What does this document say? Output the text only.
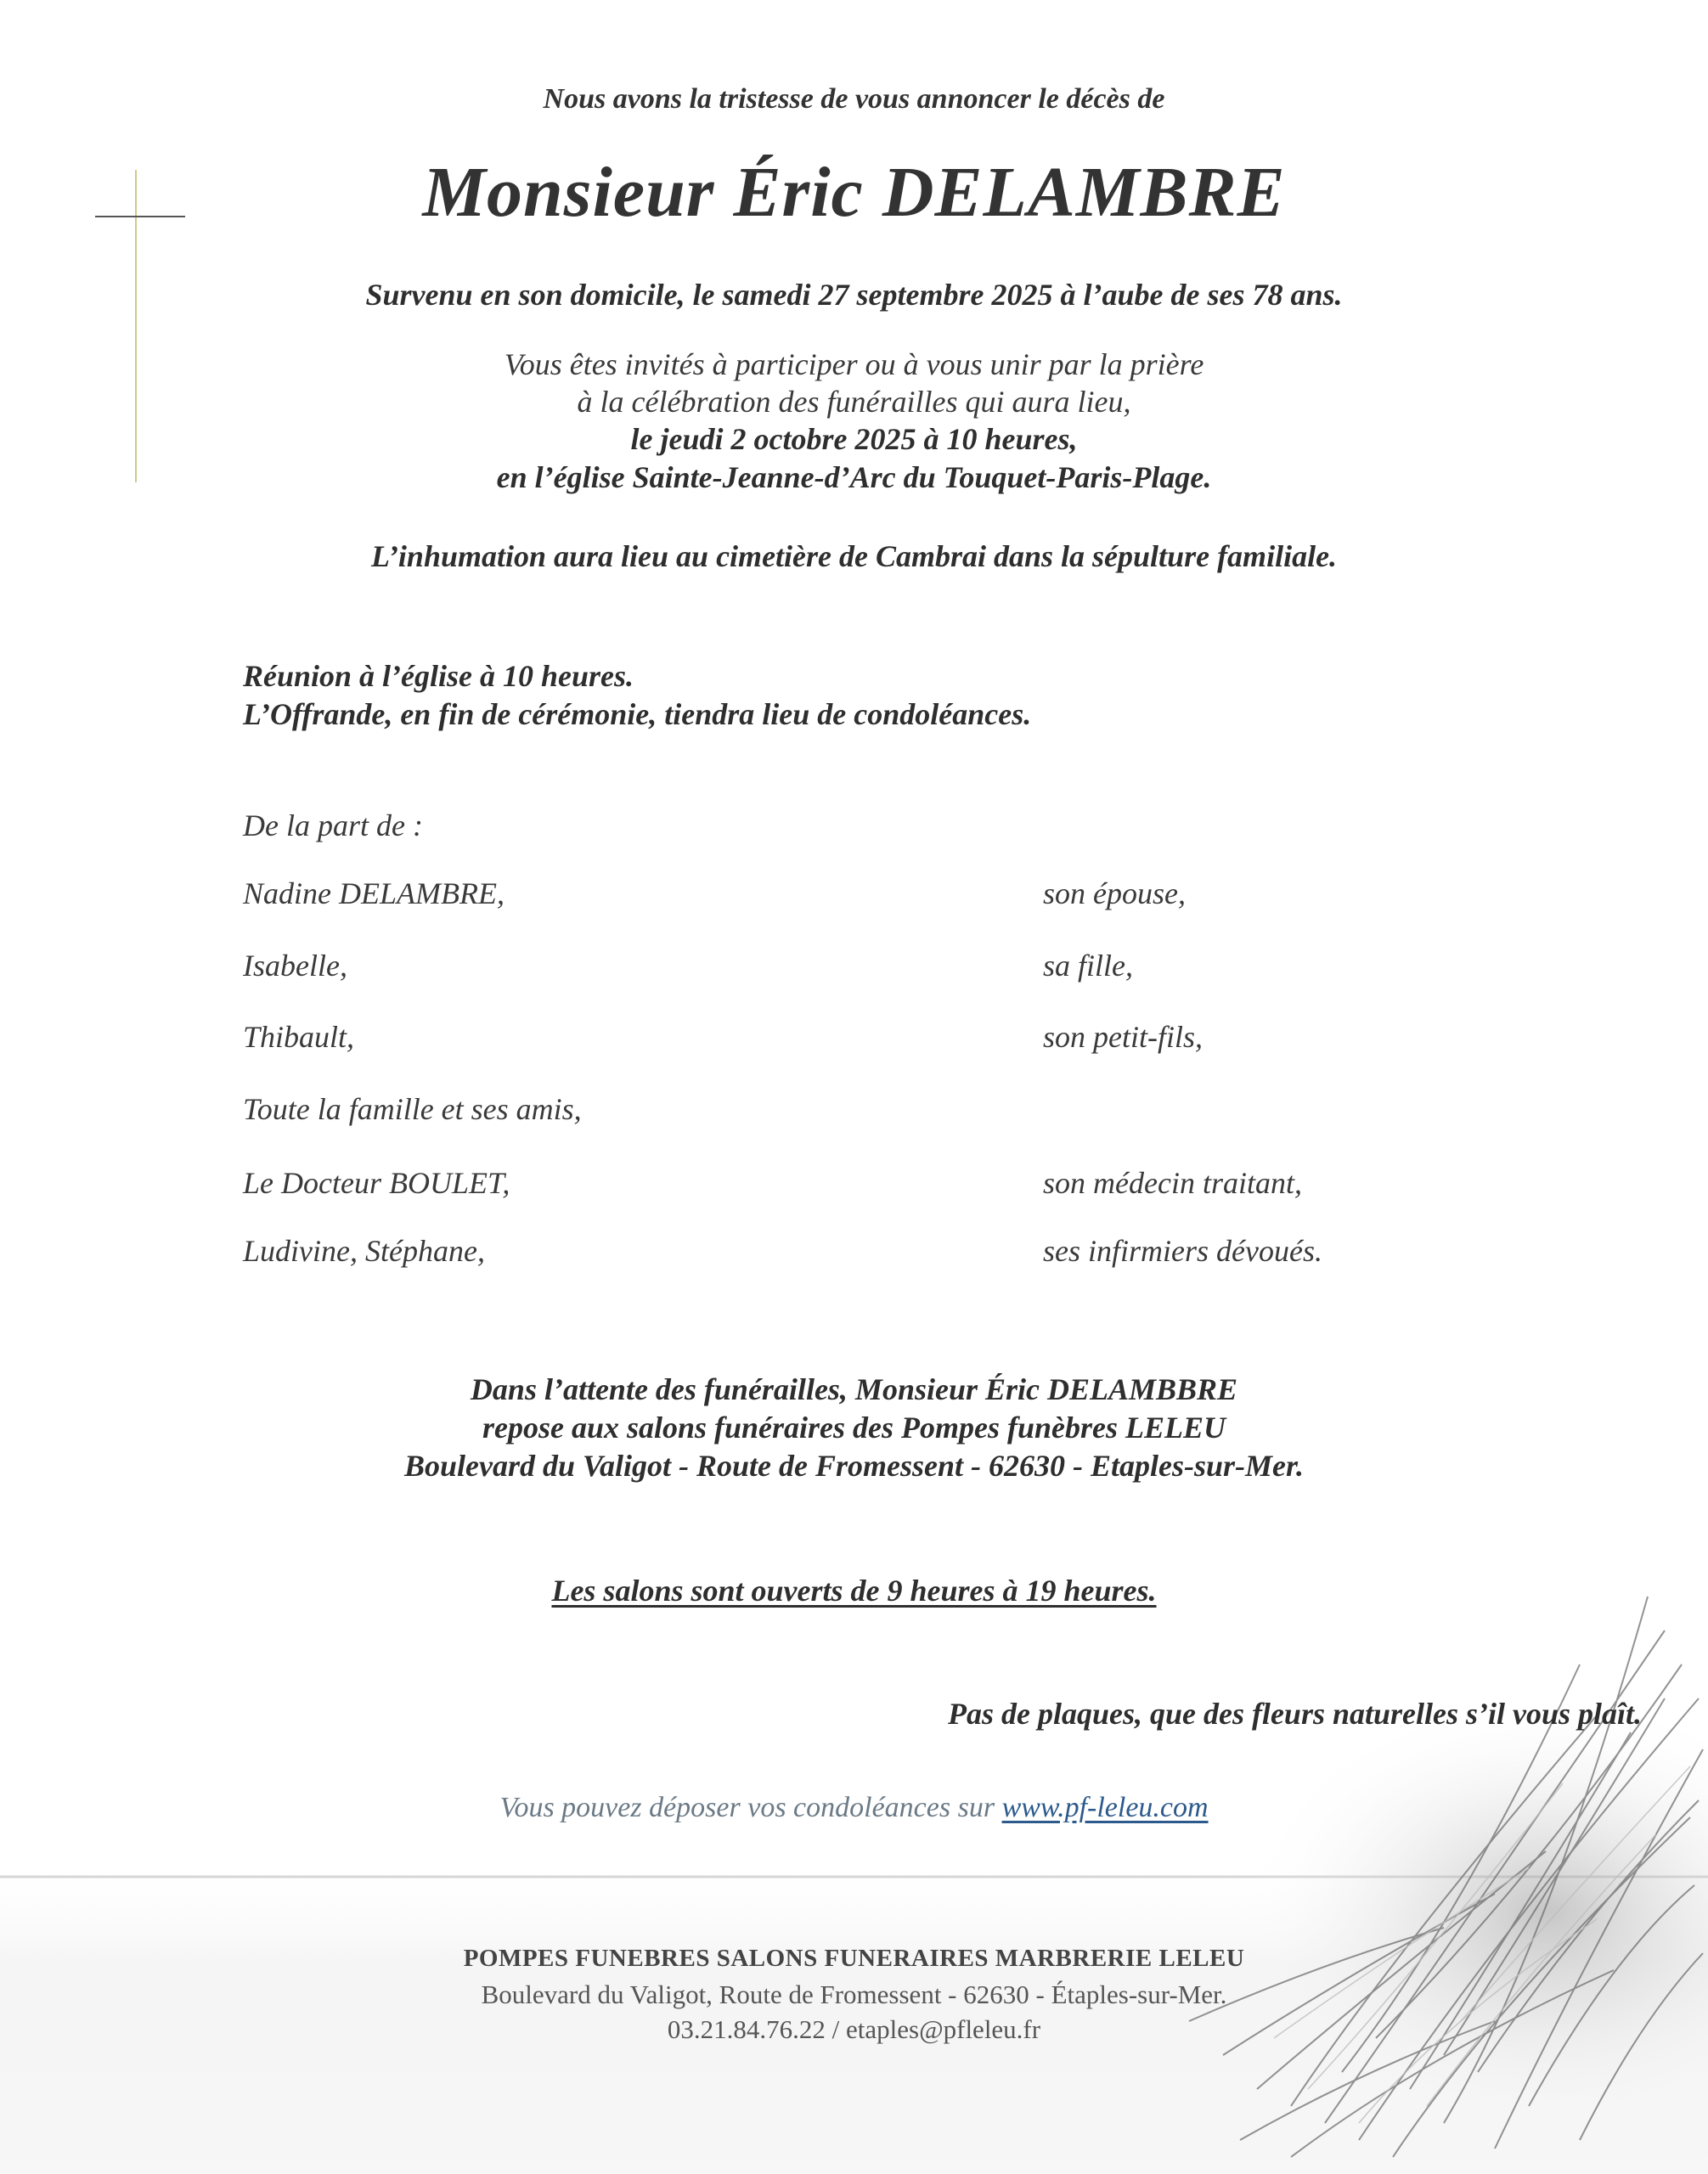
Nous avons la tristesse de vous annoncer le décès de
Monsieur Éric DELAMBRE
Survenu en son domicile, le samedi 27 septembre 2025 à l’aube de ses 78 ans.
Vous êtes invités à participer ou à vous unir par la prière
à la célébration des funérailles qui aura lieu,
le jeudi 2 octobre 2025 à 10 heures,
en l’église Sainte-Jeanne-d’Arc du Touquet-Paris-Plage.
L’inhumation aura lieu au cimetière de Cambrai dans la sépulture familiale.
Réunion à l’église à 10 heures.
L’Offrande, en fin de cérémonie, tiendra lieu de condoléances.
De la part de :
Nadine DELAMBRE,	son épouse,
Isabelle,	sa fille,
Thibault,	son petit-fils,
Toute la famille et ses amis,
Le Docteur BOULET,	son médecin traitant,
Ludivine, Stéphane,	ses infirmiers dévoués.
Dans l’attente des funérailles, Monsieur Éric DELAMBBRE
repose aux salons funéraires des Pompes funèbres LELEU
Boulevard du Valigot - Route de Fromessent - 62630 - Etaples-sur-Mer.
Les salons sont ouverts de 9 heures à 19 heures.
Pas de plaques, que des fleurs naturelles s’il vous plaît.
Vous pouvez déposer vos condoléances sur www.pf-leleu.com
POMPES FUNEBRES SALONS FUNERAIRES MARBRERIE LELEU
Boulevard du Valigot, Route de Fromessent - 62630 - Étaples-sur-Mer.
03.21.84.76.22 / etaples@pfleleu.fr
